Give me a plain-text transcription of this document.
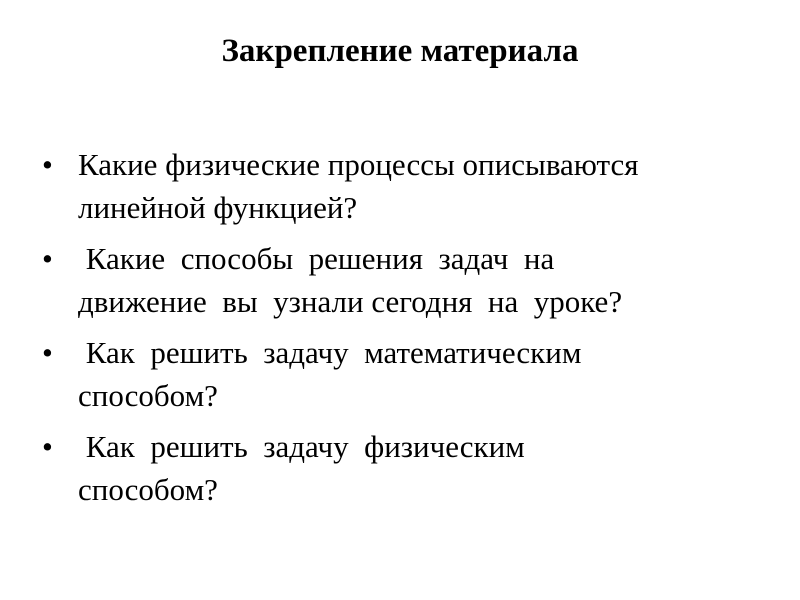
Закрепление материала
• Какие физические процессы описываются
линейной функцией?
• Какие  способы  решения  задач  на
движение  вы  узнали сегодня  на  уроке?
• Как  решить  задачу  математическим
способом?
• Как  решить  задачу  физическим
способом?
